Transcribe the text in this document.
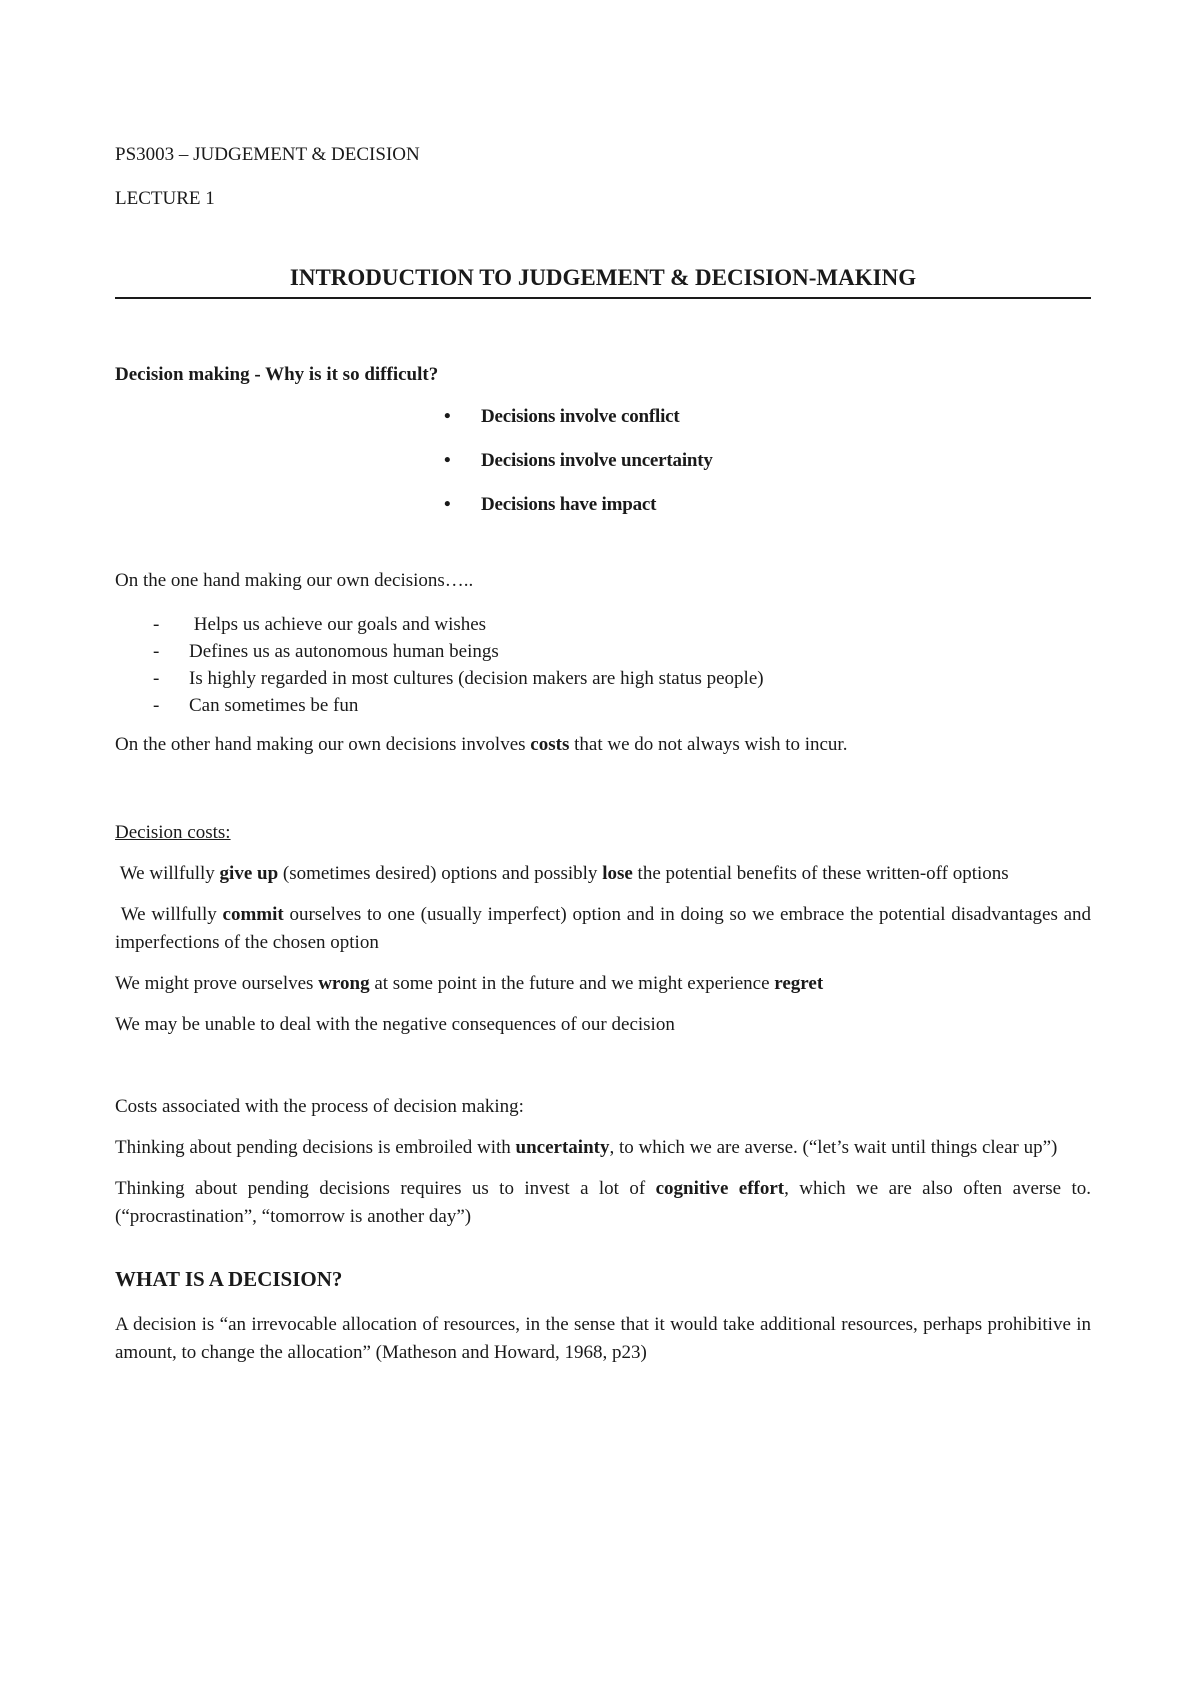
PS3003 – JUDGEMENT & DECISION

LECTURE 1

INTRODUCTION TO JUDGEMENT & DECISION-MAKING

Decision making - Why is it so difficult?

• Decisions involve conflict
• Decisions involve uncertainty
• Decisions have impact

On the one hand making our own decisions…..

-  Helps us achieve our goals and wishes
- Defines us as autonomous human beings
- Is highly regarded in most cultures (decision makers are high status people)
- Can sometimes be fun

On the other hand making our own decisions involves costs that we do not always wish to incur.

Decision costs:

We willfully give up (sometimes desired) options and possibly lose the potential benefits of these written-off options

We willfully commit ourselves to one (usually imperfect) option and in doing so we embrace the potential disadvantages and imperfections of the chosen option

We might prove ourselves wrong at some point in the future and we might experience regret

We may be unable to deal with the negative consequences of our decision

Costs associated with the process of decision making:

Thinking about pending decisions is embroiled with uncertainty, to which we are averse. (“let’s wait until things clear up”)

Thinking about pending decisions requires us to invest a lot of cognitive effort, which we are also often averse to. (“procrastination”, “tomorrow is another day”)

WHAT IS A DECISION?

A decision is “an irrevocable allocation of resources, in the sense that it would take additional resources, perhaps prohibitive in amount, to change the allocation” (Matheson and Howard, 1968, p23)
